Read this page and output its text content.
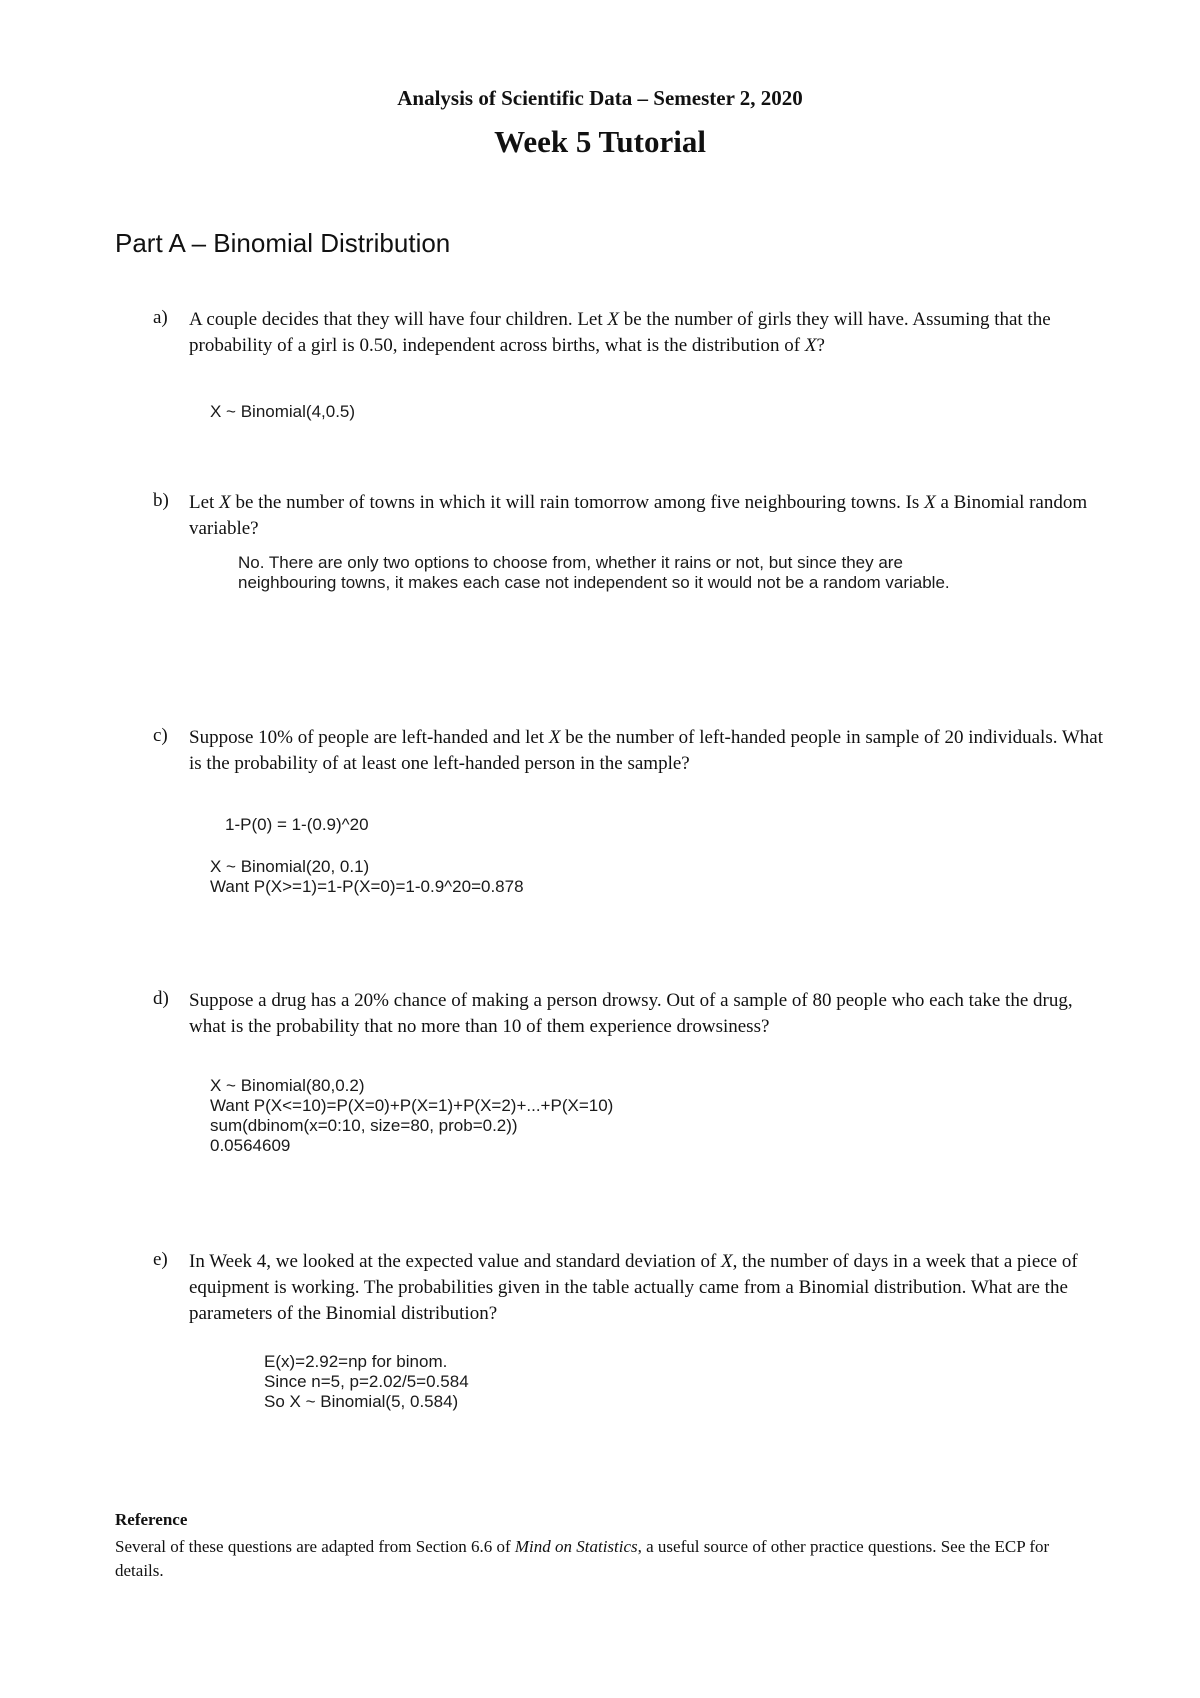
Analysis of Scientific Data – Semester 2, 2020
Week 5 Tutorial
Part A – Binomial Distribution
a) A couple decides that they will have four children. Let X be the number of girls they will have. Assuming that the probability of a girl is 0.50, independent across births, what is the distribution of X?
X ~ Binomial(4,0.5)
b) Let X be the number of towns in which it will rain tomorrow among five neighbouring towns. Is X a Binomial random variable?
No. There are only two options to choose from, whether it rains or not, but since they are
neighbouring towns, it makes each case not independent so it would not be a random variable.
c) Suppose 10% of people are left-handed and let X be the number of left-handed people in sample of 20 individuals. What is the probability of at least one left-handed person in the sample?
1-P(0) = 1-(0.9)^20
X ~ Binomial(20, 0.1)
Want P(X>=1)=1-P(X=0)=1-0.9^20=0.878
d) Suppose a drug has a 20% chance of making a person drowsy. Out of a sample of 80 people who each take the drug, what is the probability that no more than 10 of them experience drowsiness?
X ~ Binomial(80,0.2)
Want P(X<=10)=P(X=0)+P(X=1)+P(X=2)+...+P(X=10)
sum(dbinom(x=0:10, size=80, prob=0.2))
0.0564609
e) In Week 4, we looked at the expected value and standard deviation of X, the number of days in a week that a piece of equipment is working. The probabilities given in the table actually came from a Binomial distribution. What are the parameters of the Binomial distribution?
E(x)=2.92=np for binom.
Since n=5, p=2.02/5=0.584
So X ~ Binomial(5, 0.584)
Reference
Several of these questions are adapted from Section 6.6 of Mind on Statistics, a useful source of other practice questions. See the ECP for details.
